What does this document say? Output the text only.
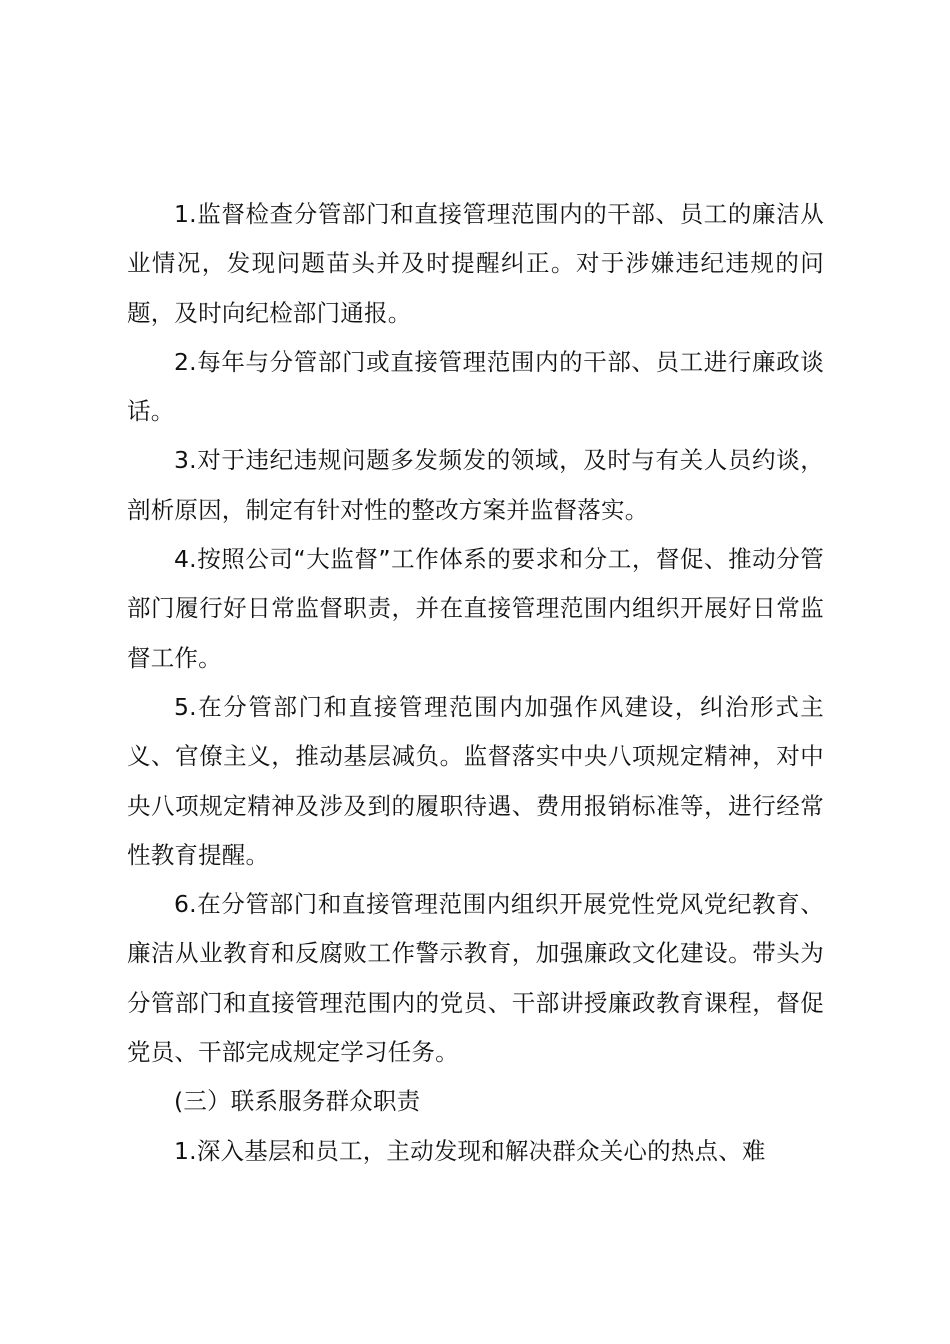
1.监督检查分管部门和直接管理范围内的干部、员工的廉洁从业情况，发现问题苗头并及时提醒纠正。对于涉嫌违纪违规的问题，及时向纪检部门通报。

2.每年与分管部门或直接管理范围内的干部、员工进行廉政谈话。

3.对于违纪违规问题多发频发的领域，及时与有关人员约谈，剖析原因，制定有针对性的整改方案并监督落实。

4.按照公司“大监督”工作体系的要求和分工，督促、推动分管部门履行好日常监督职责，并在直接管理范围内组织开展好日常监督工作。

5.在分管部门和直接管理范围内加强作风建设，纠治形式主义、官僚主义，推动基层减负。监督落实中央八项规定精神，对中央八项规定精神及涉及到的履职待遇、费用报销标准等，进行经常性教育提醒。

6.在分管部门和直接管理范围内组织开展党性党风党纪教育、廉洁从业教育和反腐败工作警示教育，加强廉政文化建设。带头为分管部门和直接管理范围内的党员、干部讲授廉政教育课程，督促党员、干部完成规定学习任务。

(三）联系服务群众职责

1.深入基层和员工，主动发现和解决群众关心的热点、难
